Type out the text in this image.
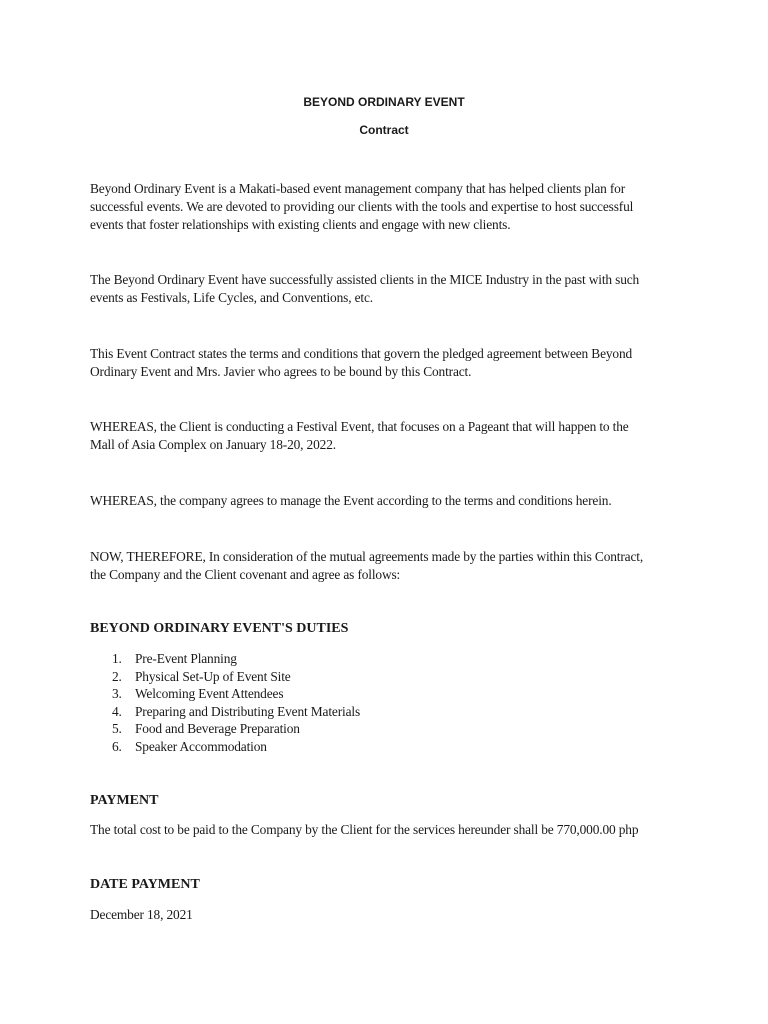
BEYOND ORDINARY EVENT
Contract

Beyond Ordinary Event is a Makati-based event management company that has helped clients plan for
successful events. We are devoted to providing our clients with the tools and expertise to host successful
events that foster relationships with existing clients and engage with new clients.

The Beyond Ordinary Event have successfully assisted clients in the MICE Industry in the past with such
events as Festivals, Life Cycles, and Conventions, etc.

This Event Contract states the terms and conditions that govern the pledged agreement between Beyond
Ordinary Event and Mrs. Javier who agrees to be bound by this Contract.

WHEREAS, the Client is conducting a Festival Event, that focuses on a Pageant that will happen to the
Mall of Asia Complex on January 18-20, 2022.

WHEREAS, the company agrees to manage the Event according to the terms and conditions herein.

NOW, THEREFORE, In consideration of the mutual agreements made by the parties within this Contract,
the Company and the Client covenant and agree as follows:

BEYOND ORDINARY EVENT'S DUTIES
1. Pre-Event Planning
2. Physical Set-Up of Event Site
3. Welcoming Event Attendees
4. Preparing and Distributing Event Materials
5. Food and Beverage Preparation
6. Speaker Accommodation
PAYMENT

The total cost to be paid to the Company by the Client for the services hereunder shall be 770,000.00 php

DATE PAYMENT

December 18, 2021
